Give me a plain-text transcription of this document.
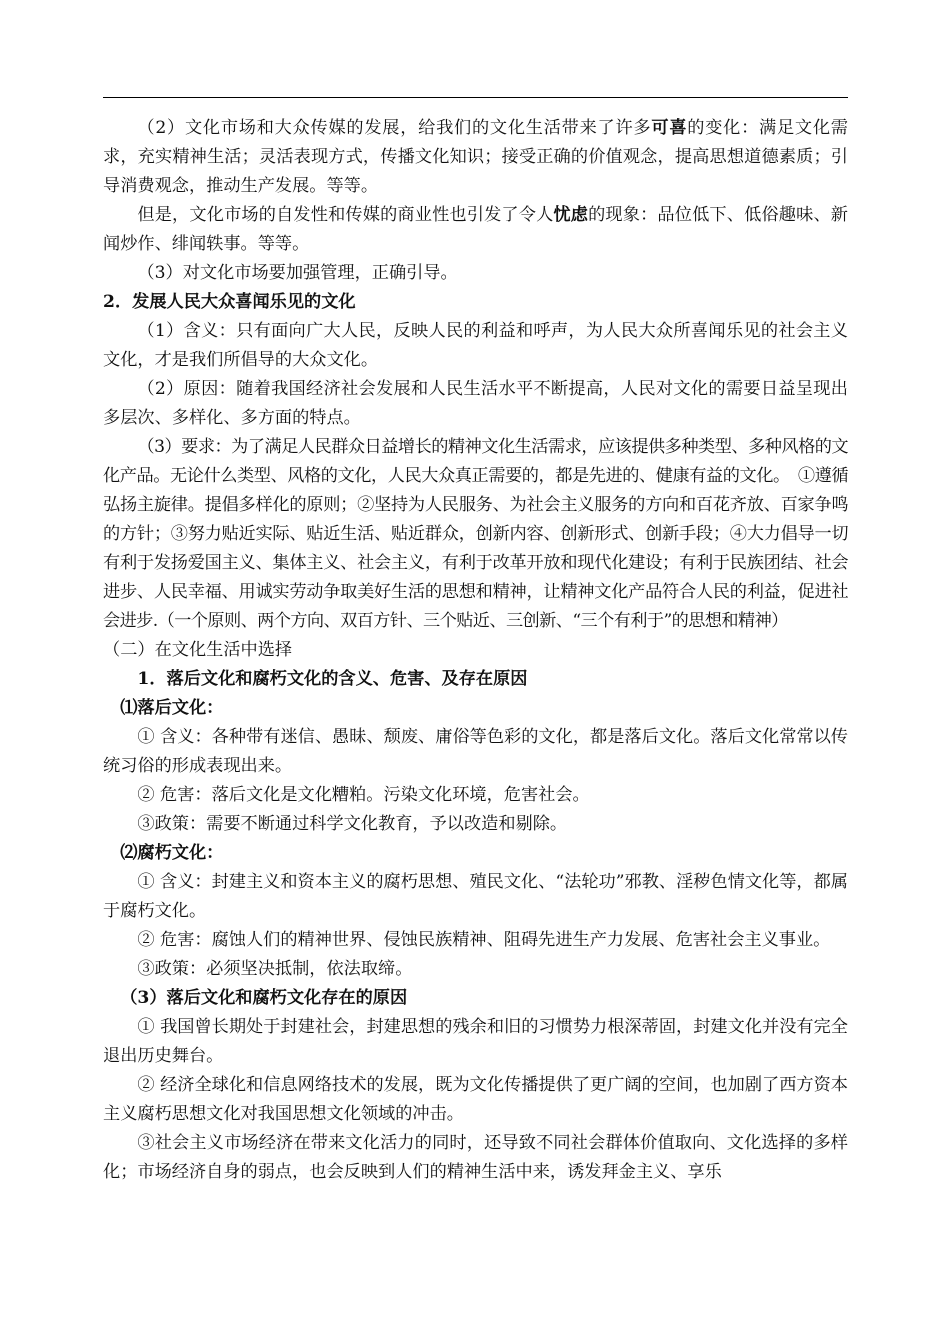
（2）文化市场和大众传媒的发展，给我们的文化生活带来了许多可喜的变化：满足文化需求，充实精神生活；灵活表现方式，传播文化知识；接受正确的价值观念，提高思想道德素质；引导消费观念，推动生产发展。等等。

但是，文化市场的自发性和传媒的商业性也引发了令人忧虑的现象：品位低下、低俗趣味、新闻炒作、绯闻轶事。等等。

（3）对文化市场要加强管理，正确引导。

2．发展人民大众喜闻乐见的文化

（1）含义：只有面向广大人民，反映人民的利益和呼声，为人民大众所喜闻乐见的社会主义文化，才是我们所倡导的大众文化。

（2）原因：随着我国经济社会发展和人民生活水平不断提高，人民对文化的需要日益呈现出多层次、多样化、多方面的特点。

（3）要求：为了满足人民群众日益增长的精神文化生活需求，应该提供多种类型、多种风格的文化产品。无论什么类型、风格的文化，人民大众真正需要的，都是先进的、健康有益的文化。　①遵循弘扬主旋律。提倡多样化的原则；②坚持为人民服务、为社会主义服务的方向和百花齐放、百家争鸣的方针；③努力贴近实际、贴近生活、贴近群众，创新内容、创新形式、创新手段；④大力倡导一切有利于发扬爱国主义、集体主义、社会主义，有利于改革开放和现代化建设；有利于民族团结、社会进步、人民幸福、用诚实劳动争取美好生活的思想和精神，让精神文化产品符合人民的利益，促进社会进步.（一个原则、两个方向、双百方针、三个贴近、三创新、“三个有利于”的思想和精神）

（二）在文化生活中选择

1．落后文化和腐朽文化的含义、危害、及存在原因

⑴落后文化：

① 含义：各种带有迷信、愚昧、颓废、庸俗等色彩的文化，都是落后文化。落后文化常常以传统习俗的形成表现出来。

② 危害：落后文化是文化糟粕。污染文化环境，危害社会。

③政策：需要不断通过科学文化教育，予以改造和剔除。

⑵腐朽文化：

① 含义：封建主义和资本主义的腐朽思想、殖民文化、“法轮功”邪教、淫秽色情文化等，都属于腐朽文化。

② 危害：腐蚀人们的精神世界、侵蚀民族精神、阻碍先进生产力发展、危害社会主义事业。

③政策：必须坚决抵制，依法取缔。

（3）落后文化和腐朽文化存在的原因

① 我国曾长期处于封建社会，封建思想的残余和旧的习惯势力根深蒂固，封建文化并没有完全退出历史舞台。

② 经济全球化和信息网络技术的发展，既为文化传播提供了更广阔的空间，也加剧了西方资本主义腐朽思想文化对我国思想文化领域的冲击。

③社会主义市场经济在带来文化活力的同时，还导致不同社会群体价值取向、文化选择的多样化；市场经济自身的弱点，也会反映到人们的精神生活中来，诱发拜金主义、享乐
